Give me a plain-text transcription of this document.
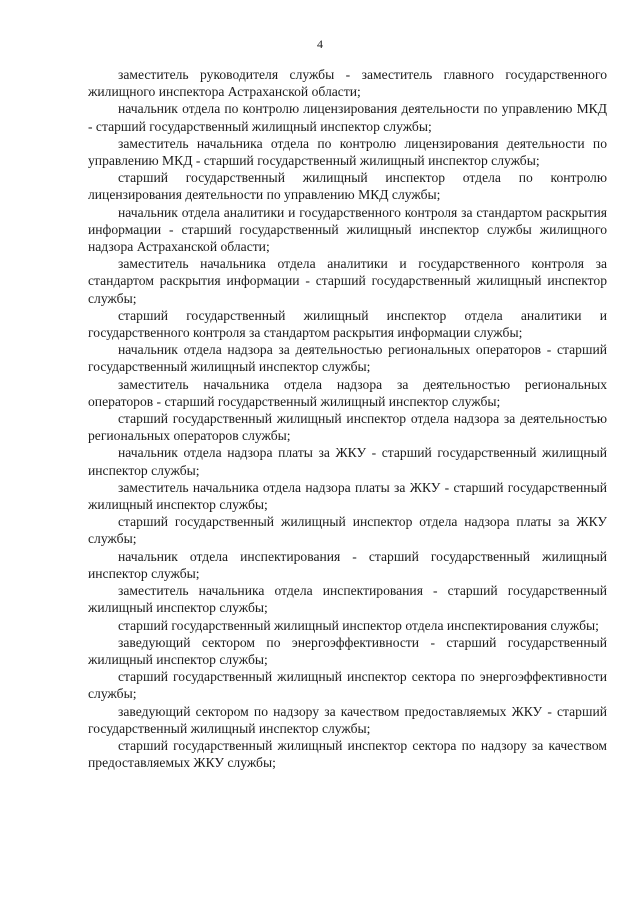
4

заместитель руководителя службы - заместитель главного государственного жилищного инспектора Астраханской области;

начальник отдела по контролю лицензирования деятельности по управлению МКД - старший государственный жилищный инспектор службы;

заместитель начальника отдела по контролю лицензирования деятельности по управлению МКД - старший государственный жилищный инспектор службы;

старший государственный жилищный инспектор отдела по контролю лицензирования деятельности по управлению МКД службы;

начальник отдела аналитики и государственного контроля за стандартом раскрытия информации - старший государственный жилищный инспектор службы жилищного надзора Астраханской области;

заместитель начальника отдела аналитики и государственного контроля за стандартом раскрытия информации - старший государственный жилищный инспектор службы;

старший государственный жилищный инспектор отдела аналитики и государственного контроля за стандартом раскрытия информации службы;

начальник отдела надзора за деятельностью региональных операторов - старший государственный жилищный инспектор службы;

заместитель начальника отдела надзора за деятельностью региональных операторов - старший государственный жилищный инспектор службы;

старший государственный жилищный инспектор отдела надзора за деятельностью региональных операторов службы;

начальник отдела надзора платы за ЖКУ - старший государственный жилищный инспектор службы;

заместитель начальника отдела надзора платы за ЖКУ - старший государственный жилищный инспектор службы;

старший государственный жилищный инспектор отдела надзора платы за ЖКУ службы;

начальник отдела инспектирования - старший государственный жилищный инспектор службы;

заместитель начальника отдела инспектирования - старший государственный жилищный инспектор службы;

старший государственный жилищный инспектор отдела инспектирования службы;

заведующий сектором по энергоэффективности - старший государственный жилищный инспектор службы;

старший государственный жилищный инспектор сектора по энергоэффективности службы;

заведующий сектором по надзору за качеством предоставляемых ЖКУ - старший государственный жилищный инспектор службы;

старший государственный жилищный инспектор сектора по надзору за качеством предоставляемых ЖКУ службы;
